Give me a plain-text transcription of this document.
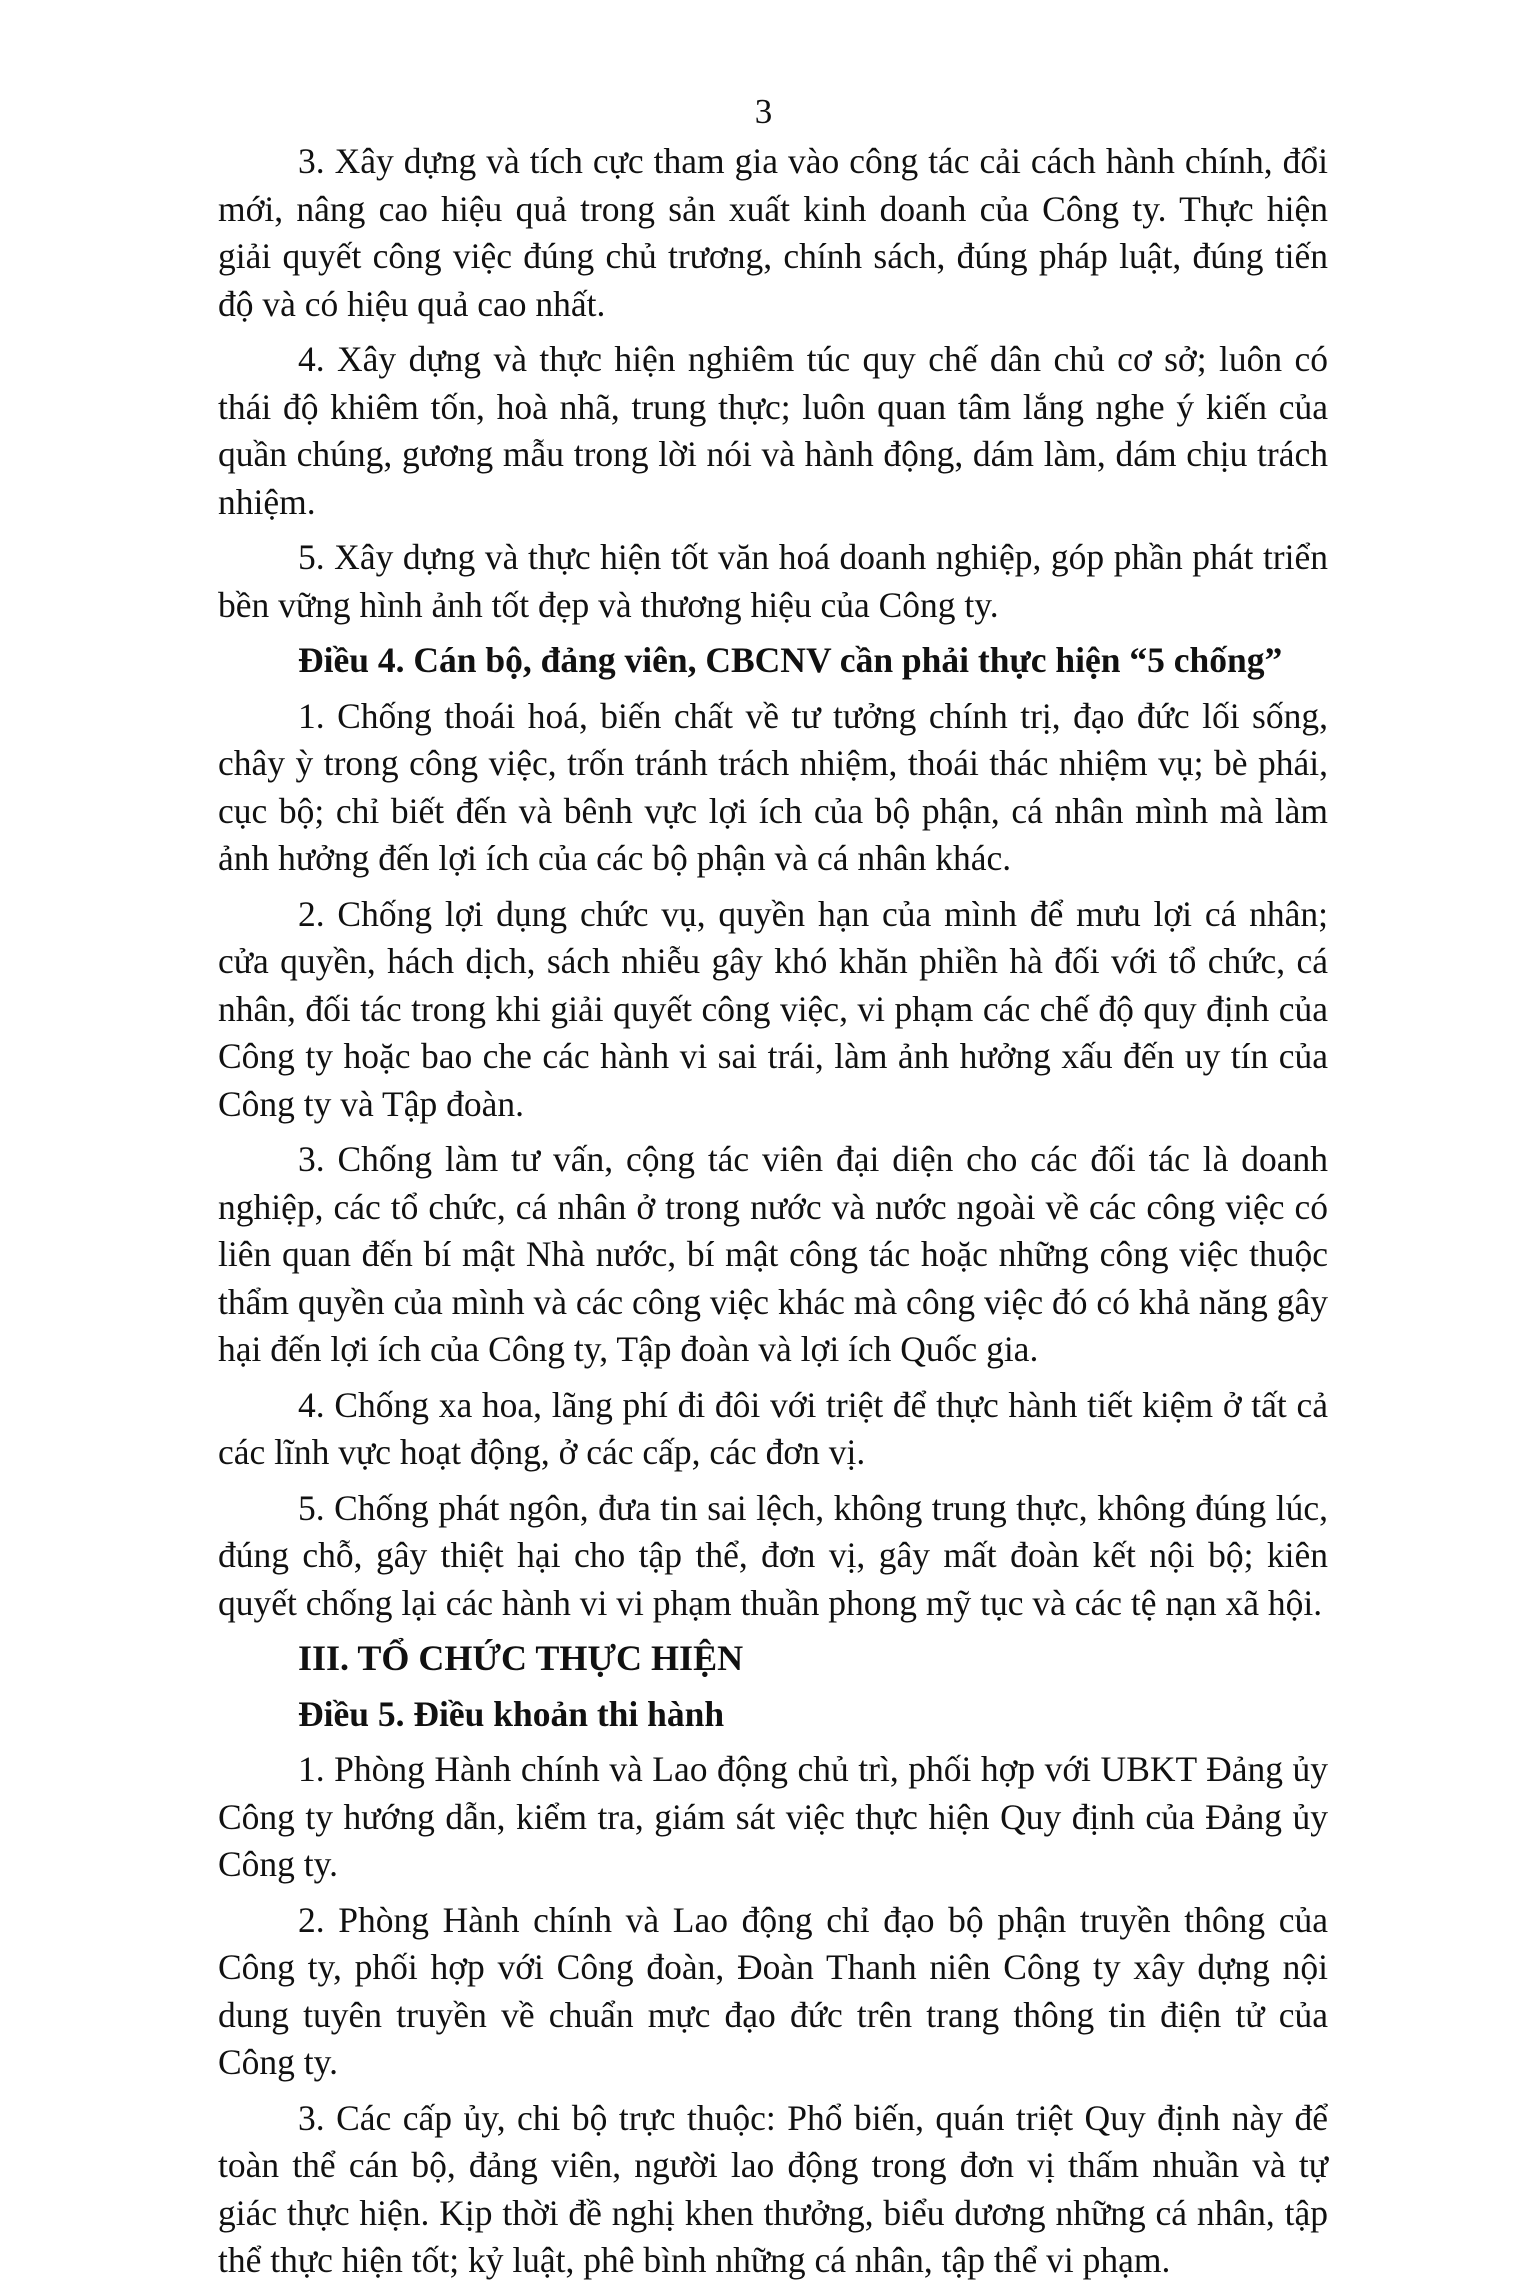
3

3. Xây dựng và tích cực tham gia vào công tác cải cách hành chính, đổi mới, nâng cao hiệu quả trong sản xuất kinh doanh của Công ty. Thực hiện giải quyết công việc đúng chủ trương, chính sách, đúng pháp luật, đúng tiến độ và có hiệu quả cao nhất.

4. Xây dựng và thực hiện nghiêm túc quy chế dân chủ cơ sở; luôn có thái độ khiêm tốn, hoà nhã, trung thực; luôn quan tâm lắng nghe ý kiến của quần chúng, gương mẫu trong lời nói và hành động, dám làm, dám chịu trách nhiệm.

5. Xây dựng và thực hiện tốt văn hoá doanh nghiệp, góp phần phát triển bền vững hình ảnh tốt đẹp và thương hiệu của Công ty.

Điều 4. Cán bộ, đảng viên, CBCNV cần phải thực hiện “5 chống”

1. Chống thoái hoá, biến chất về tư tưởng chính trị, đạo đức lối sống, chây ỳ trong công việc, trốn tránh trách nhiệm, thoái thác nhiệm vụ; bè phái, cục bộ; chỉ biết đến và bênh vực lợi ích của bộ phận, cá nhân mình mà làm ảnh hưởng đến lợi ích của các bộ phận và cá nhân khác.

2. Chống lợi dụng chức vụ, quyền hạn của mình để mưu lợi cá nhân; cửa quyền, hách dịch, sách nhiễu gây khó khăn phiền hà đối với tổ chức, cá nhân, đối tác trong khi giải quyết công việc, vi phạm các chế độ quy định của Công ty hoặc bao che các hành vi sai trái, làm ảnh hưởng xấu đến uy tín của Công ty và Tập đoàn.

3. Chống làm tư vấn, cộng tác viên đại diện cho các đối tác là doanh nghiệp, các tổ chức, cá nhân ở trong nước và nước ngoài về các công việc có liên quan đến bí mật Nhà nước, bí mật công tác hoặc những công việc thuộc thẩm quyền của mình và các công việc khác mà công việc đó có khả năng gây hại đến lợi ích của Công ty, Tập đoàn và lợi ích Quốc gia.

4. Chống xa hoa, lãng phí đi đôi với triệt để thực hành tiết kiệm ở tất cả các lĩnh vực hoạt động, ở các cấp, các đơn vị.

5. Chống phát ngôn, đưa tin sai lệch, không trung thực, không đúng lúc, đúng chỗ, gây thiệt hại cho tập thể, đơn vị, gây mất đoàn kết nội bộ; kiên quyết chống lại các hành vi vi phạm thuần phong mỹ tục và các tệ nạn xã hội.

III. TỔ CHỨC THỰC HIỆN

Điều 5. Điều khoản thi hành

1. Phòng Hành chính và Lao động chủ trì, phối hợp với UBKT Đảng ủy Công ty hướng dẫn, kiểm tra, giám sát việc thực hiện Quy định của Đảng ủy Công ty.

2. Phòng Hành chính và Lao động chỉ đạo bộ phận truyền thông của Công ty, phối hợp với Công đoàn, Đoàn Thanh niên Công ty xây dựng nội dung tuyên truyền về chuẩn mực đạo đức trên trang thông tin điện tử của Công ty.

3. Các cấp ủy, chi bộ trực thuộc: Phổ biến, quán triệt Quy định này để toàn thể cán bộ, đảng viên, người lao động trong đơn vị thấm nhuần và tự giác thực hiện. Kịp thời đề nghị khen thưởng, biểu dương những cá nhân, tập thể thực hiện tốt; kỷ luật, phê bình những cá nhân, tập thể vi phạm.
